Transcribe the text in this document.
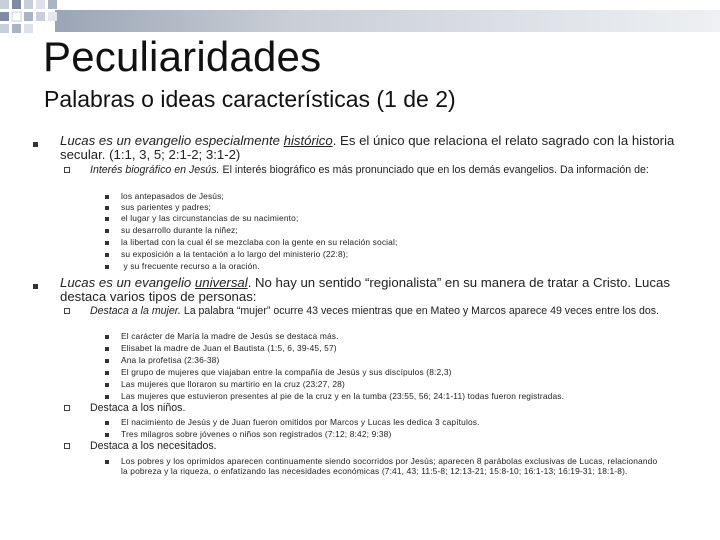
Peculiaridades
Palabras o ideas características (1 de 2)
Lucas es un evangelio especialmente histórico. Es el único que relaciona el relato sagrado con la historia secular. (1:1, 3, 5; 2:1-2; 3:1-2)
Interés biográfico en Jesús. El interés biográfico es más pronunciado que en los demás evangelios. Da información de:
los antepasados de Jesús;
sus parientes y padres;
el lugar y las circunstancias de su nacimiento;
su desarrollo durante la niñez;
la libertad con la cual él se mezclaba con la gente en su relación social;
su exposición a la tentación a lo largo del ministerio (22:8);
y su frecuente recurso a la oración.
Lucas es un evangelio universal. No hay un sentido “regionalista” en su manera de tratar a Cristo. Lucas destaca varios tipos de personas:
Destaca a la mujer. La palabra “mujer” ocurre 43 veces mientras que en Mateo y Marcos aparece 49 veces entre los dos.
El carácter de María la madre de Jesús se destaca más.
Elisabet la madre de Juan el Bautista (1:5, 6, 39-45, 57)
Ana la profetisa (2:36-38)
El grupo de mujeres que viajaban entre la compañía de Jesús y sus discípulos (8:2,3)
Las mujeres que lloraron su martirio en la cruz (23:27, 28)
Las mujeres que estuvieron presentes al pie de la cruz y en la tumba (23:55, 56; 24:1-11) todas fueron registradas.
Destaca a los niños.
El nacimiento de Jesús y de Juan fueron omitidos por Marcos y Lucas les dedica 3 capítulos.
Tres milagros sobre jóvenes o niños son registrados (7:12; 8:42; 9:38)
Destaca a los necesitados.
Los pobres y los oprimidos aparecen continuamente siendo socorridos por Jesús; aparecen 8 parábolas exclusivas de Lucas, relacionando la pobreza y la riqueza, o enfatizando las necesidades económicas (7:41, 43; 11:5-8; 12:13-21; 15:8-10; 16:1-13; 16:19-31; 18:1-8).
